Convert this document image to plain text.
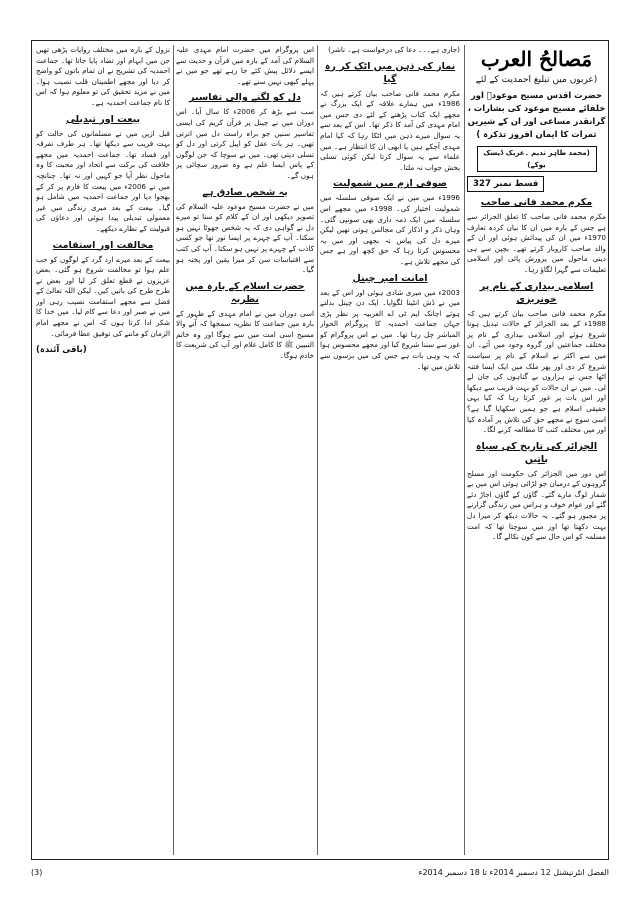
مَصالحُ العرب
(عربوں میں تبلیغ احمدیت کے لئے
حضرت اقدس مسیح موعودؑ اور خلفائے مسیح موعود کی بشارات ، گرانقدر مساعی اور ان کے شیریں ثمرات کا ایمان افروز تذکرہ )
(محمد طاہر ندیم ۔عربک ڈیسک یوکے)
قسط نمبر 327
مکرم محمد فانی صاحب

مکرم محمد فانی صاحب کا تعلق الجزائر سے ہے جس کے بارہ میں ان کا بیان کردہ تعارف 1970ء میں ان کی پیدائش ہوئی اور ان کے والد صاحب کاروبار کرتے تھے۔ بچپن سے ہی دینی ماحول میں پرورش پائی اور اسلامی تعلیمات سے گہرا لگاؤ رہا۔

اسلامی بیداری کے نام پر خونریزی

مکرم محمد فانی صاحب بیان کرتے ہیں کہ 1988ء کے بعد الجزائر کے حالات تبدیل ہونا شروع ہوئے اور اسلامی بیداری کے نام پر مختلف جماعتیں اور گروہ وجود میں آئے۔ ان میں سے اکثر نے اسلام کے نام پر سیاست شروع کر دی اور پھر ملک میں ایک ایسا فتنہ اٹھا جس نے ہزاروں بے گناہوں کی جان لے لی۔ میں نے ان حالات کو بہت قریب سے دیکھا اور اس بات پر غور کرتا رہا کہ کیا یہی حقیقی اسلام ہے جو ہمیں سکھایا گیا ہے؟ اسی سوچ نے مجھے حق کی تلاش پر آمادہ کیا اور میں مختلف کتب کا مطالعہ کرنے لگا۔

الجزائر کی تاریخ کی سیاہ باتیں

اس دور میں الجزائر کی حکومت اور مسلح گروہوں کے درمیان جو لڑائی ہوئی اس میں بے شمار لوگ مارے گئے۔ گاؤں کے گاؤں اجاڑ دئے گئے اور عوام خوف و ہراس میں زندگی گزارنے پر مجبور ہو گئے۔ یہ حالات دیکھ کر میرا دل بہت دکھتا تھا اور میں سوچتا تھا کہ امت مسلمہ کو اس حال سے کون نکالے گا۔

(جاری ہے۔۔۔ دعا کی درخواست ہے۔ ناشر)

نماز کی ذہن میں اٹک کر رہ گیا

مکرم محمد فانی صاحب بیان کرتے ہیں کہ 1986ء میں ہمارے علاقہ کے ایک بزرگ نے مجھے ایک کتاب پڑھنے کے لئے دی جس میں امام مہدی کی آمد کا ذکر تھا۔ اس کے بعد سے یہ سوال میرے ذہن میں اٹکا رہا کہ کیا امام مہدی آچکے ہیں یا ابھی ان کا انتظار ہے۔ میں علماء سے یہ سوال کرتا لیکن کوئی تسلی بخش جواب نہ ملتا۔

صوفی ازم میں شمولیت

1996ء میں میں نے ایک صوفی سلسلہ میں شمولیت اختیار کی۔ 1998ء میں مجھے اس سلسلہ میں ایک ذمہ داری بھی سونپی گئی۔ وہاں ذکر و اذکار کی مجالس ہوتی تھیں لیکن میرے دل کی پیاس نہ بجھی اور میں یہ محسوس کرتا رہا کہ حق کچھ اور ہے جس کی مجھے تلاش ہے۔

امانت امیر چینل

2003ء میں میری شادی ہوئی اور اس کے بعد میں نے ڈش انٹینا لگوایا۔ ایک دن چینل بدلتے ہوئے اچانک ایم ٹی اے العربیہ پر نظر پڑی جہاں جماعت احمدیہ کا پروگرام الحوار المباشر چل رہا تھا۔ میں نے اس پروگرام کو غور سے سننا شروع کیا اور مجھے محسوس ہوا کہ یہ وہی بات ہے جس کی میں برسوں سے تلاش میں تھا۔

اس پروگرام میں حضرت امام مہدی علیہ السلام کی آمد کے بارہ میں قرآن و حدیث سے ایسے دلائل پیش کئے جا رہے تھے جو میں نے پہلے کبھی نہیں سنے تھے۔

دل کو لگنے والی تفاسیر

سب سے بڑھ کر 2006ء کا سال آیا۔ اس دوران میں نے چینل پر قرآن کریم کی ایسی تفاسیر سنیں جو براہ راست دل میں اترتی تھیں۔ ہر بات عقل کو اپیل کرتی اور دل کو تسلی دیتی تھی۔ میں نے سوچا کہ جن لوگوں کے پاس ایسا علم ہے وہ ضرور سچائی پر ہوں گے۔

یہ شخص صادق ہے

میں نے حضرت مسیح موعود علیہ السلام کی تصویر دیکھی اور ان کے کلام کو سنا تو میرے دل نے گواہی دی کہ یہ شخص جھوٹا نہیں ہو سکتا۔ آپ کے چہرے پر ایسا نور تھا جو کسی کاذب کے چہرے پر نہیں ہو سکتا۔ آپ کی کتب سے اقتباسات سن کر میرا یقین اور پختہ ہو گیا۔

حضرت اسلام کے بارہ میں نظریہ

اسی دوران میں نے امام مہدی کے ظہور کے بارہ میں جماعت کا نظریہ سمجھا کہ آنے والا مسیح اسی امت میں سے ہوگا اور وہ خاتم النبیین ﷺ کا کامل غلام اور آپ کی شریعت کا خادم ہوگا۔

نزول کے بارہ میں مختلف روایات پڑھی تھیں جن میں ابہام اور تضاد پایا جاتا تھا۔ جماعت احمدیہ کی تشریح نے ان تمام باتوں کو واضح کر دیا اور مجھے اطمینان قلب نصیب ہوا۔ میں نے مزید تحقیق کی تو معلوم ہوا کہ اس کا نام جماعت احمدیہ ہے۔

بیعت اور تبدیلی

قبل ازیں میں نے مسلمانوں کی حالت کو بہت قریب سے دیکھا تھا۔ ہر طرف تفرقہ اور فساد تھا۔ جماعت احمدیہ میں مجھے خلافت کی برکت سے اتحاد اور محبت کا وہ ماحول نظر آیا جو کہیں اور نہ تھا۔ چنانچہ میں نے 2006ء میں بیعت کا فارم پر کر کے بھجوا دیا اور جماعت احمدیہ میں شامل ہو گیا۔ بیعت کے بعد میری زندگی میں غیر معمولی تبدیلی پیدا ہوئی اور دعاؤں کی قبولیت کے نظارے دیکھے۔

مخالفت اور استقامت

بیعت کے بعد میرے ارد گرد کے لوگوں کو جب علم ہوا تو مخالفت شروع ہو گئی۔ بعض عزیزوں نے قطع تعلق کر لیا اور بعض نے طرح طرح کی باتیں کیں۔ لیکن اللہ تعالیٰ کے فضل سے مجھے استقامت نصیب رہی اور میں نے صبر اور دعا سے کام لیا۔ میں خدا کا شکر ادا کرتا ہوں کہ اس نے مجھے امام الزمان کو ماننے کی توفیق عطا فرمائی۔

(باقی آئندہ)
(3)	الفضل انٹرنیشنل 12 دسمبر 2014ء تا 18 دسمبر 2014ء
